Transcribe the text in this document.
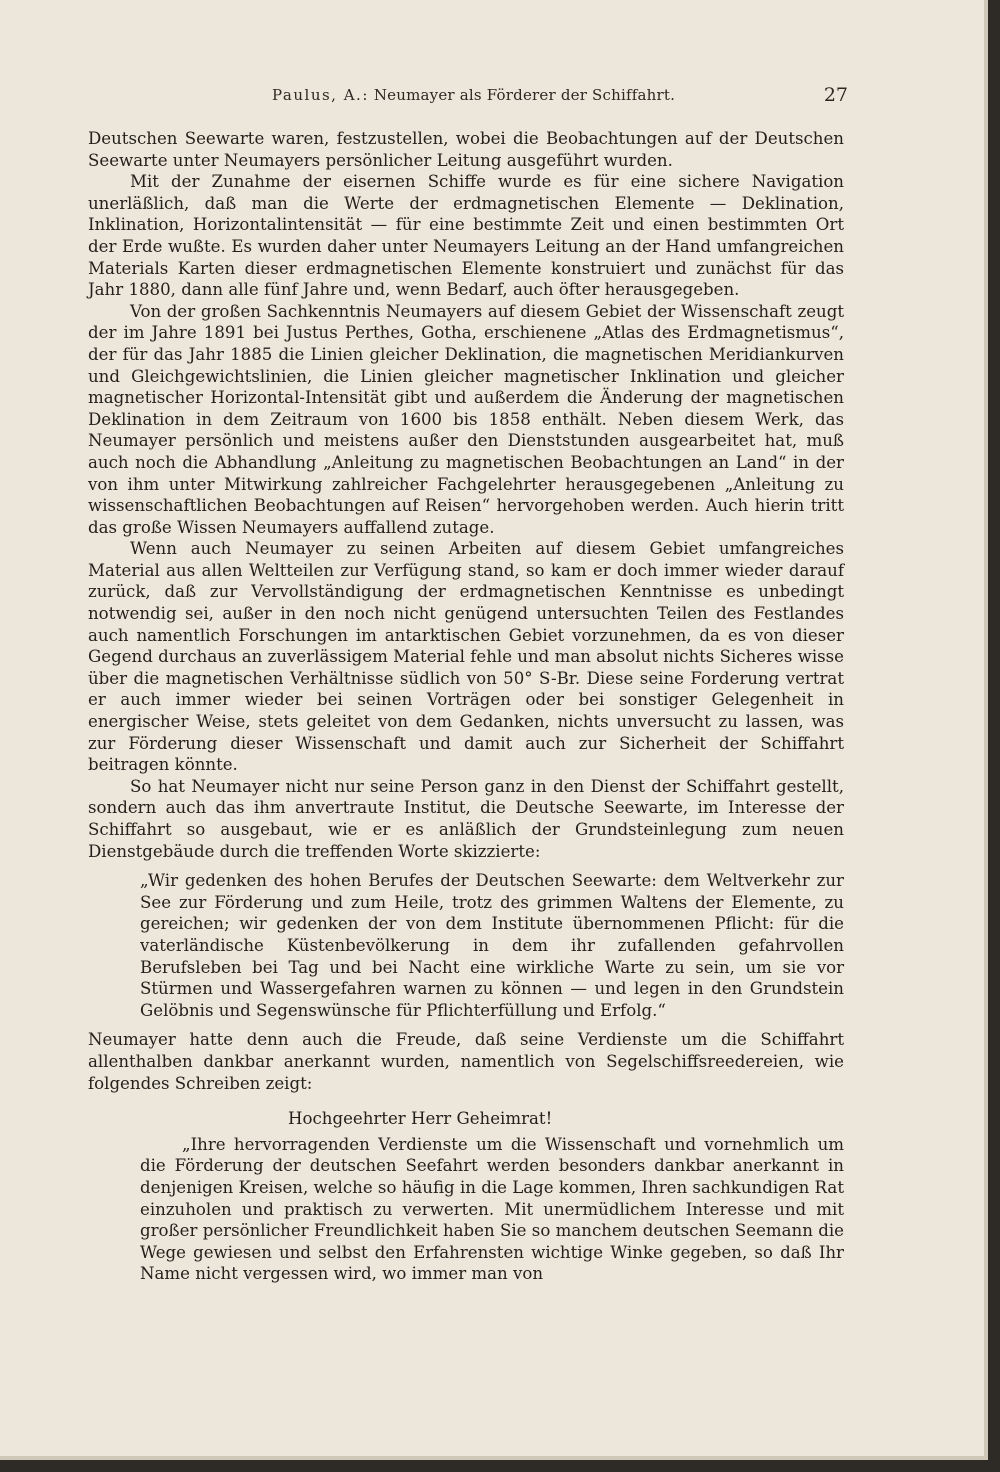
Paulus, A.: Neumayer als Förderer der Schiffahrt.	27

Deutschen Seewarte waren, festzustellen, wobei die Beobachtungen auf der Deutschen Seewarte unter Neumayers persönlicher Leitung ausgeführt wurden.

Mit der Zunahme der eisernen Schiffe wurde es für eine sichere Navigation unerläßlich, daß man die Werte der erdmagnetischen Elemente — Deklination, Inklination, Horizontalintensität — für eine bestimmte Zeit und einen bestimmten Ort der Erde wußte. Es wurden daher unter Neumayers Leitung an der Hand umfangreichen Materials Karten dieser erdmagnetischen Elemente konstruiert und zunächst für das Jahr 1880, dann alle fünf Jahre und, wenn Bedarf, auch öfter herausgegeben.

Von der großen Sachkenntnis Neumayers auf diesem Gebiet der Wissenschaft zeugt der im Jahre 1891 bei Justus Perthes, Gotha, erschienene „Atlas des Erdmagnetismus“, der für das Jahr 1885 die Linien gleicher Deklination, die magnetischen Meridiankurven und Gleichgewichtslinien, die Linien gleicher magnetischer Inklination und gleicher magnetischer Horizontal-Intensität gibt und außerdem die Änderung der magnetischen Deklination in dem Zeitraum von 1600 bis 1858 enthält. Neben diesem Werk, das Neumayer persönlich und meistens außer den Dienststunden ausgearbeitet hat, muß auch noch die Abhandlung „Anleitung zu magnetischen Beobachtungen an Land“ in der von ihm unter Mitwirkung zahlreicher Fachgelehrter herausgegebenen „Anleitung zu wissenschaftlichen Beobachtungen auf Reisen“ hervorgehoben werden. Auch hierin tritt das große Wissen Neumayers auffallend zutage.

Wenn auch Neumayer zu seinen Arbeiten auf diesem Gebiet umfangreiches Material aus allen Weltteilen zur Verfügung stand, so kam er doch immer wieder darauf zurück, daß zur Vervollständigung der erdmagnetischen Kenntnisse es unbedingt notwendig sei, außer in den noch nicht genügend untersuchten Teilen des Festlandes auch namentlich Forschungen im antarktischen Gebiet vorzunehmen, da es von dieser Gegend durchaus an zuverlässigem Material fehle und man absolut nichts Sicheres wisse über die magnetischen Verhältnisse südlich von 50° S-Br. Diese seine Forderung vertrat er auch immer wieder bei seinen Vorträgen oder bei sonstiger Gelegenheit in energischer Weise, stets geleitet von dem Gedanken, nichts unversucht zu lassen, was zur Förderung dieser Wissenschaft und damit auch zur Sicherheit der Schiffahrt beitragen könnte.

So hat Neumayer nicht nur seine Person ganz in den Dienst der Schiffahrt gestellt, sondern auch das ihm anvertraute Institut, die Deutsche Seewarte, im Interesse der Schiffahrt so ausgebaut, wie er es anläßlich der Grundsteinlegung zum neuen Dienstgebäude durch die treffenden Worte skizzierte:

„Wir gedenken des hohen Berufes der Deutschen Seewarte: dem Weltverkehr zur See zur Förderung und zum Heile, trotz des grimmen Waltens der Elemente, zu gereichen; wir gedenken der von dem Institute übernommenen Pflicht: für die vaterländische Küstenbevölkerung in dem ihr zufallenden gefahrvollen Berufsleben bei Tag und bei Nacht eine wirkliche Warte zu sein, um sie vor Stürmen und Wassergefahren warnen zu können — und legen in den Grundstein Gelöbnis und Segenswünsche für Pflichterfüllung und Erfolg.“

Neumayer hatte denn auch die Freude, daß seine Verdienste um die Schiffahrt allenthalben dankbar anerkannt wurden, namentlich von Segelschiffsreedereien, wie folgendes Schreiben zeigt:

Hochgeehrter Herr Geheimrat!

„Ihre hervorragenden Verdienste um die Wissenschaft und vornehmlich um die Förderung der deutschen Seefahrt werden besonders dankbar anerkannt in denjenigen Kreisen, welche so häufig in die Lage kommen, Ihren sachkundigen Rat einzuholen und praktisch zu verwerten. Mit unermüdlichem Interesse und mit großer persönlicher Freundlichkeit haben Sie so manchem deutschen Seemann die Wege gewiesen und selbst den Erfahrensten wichtige Winke gegeben, so daß Ihr Name nicht vergessen wird, wo immer man von
